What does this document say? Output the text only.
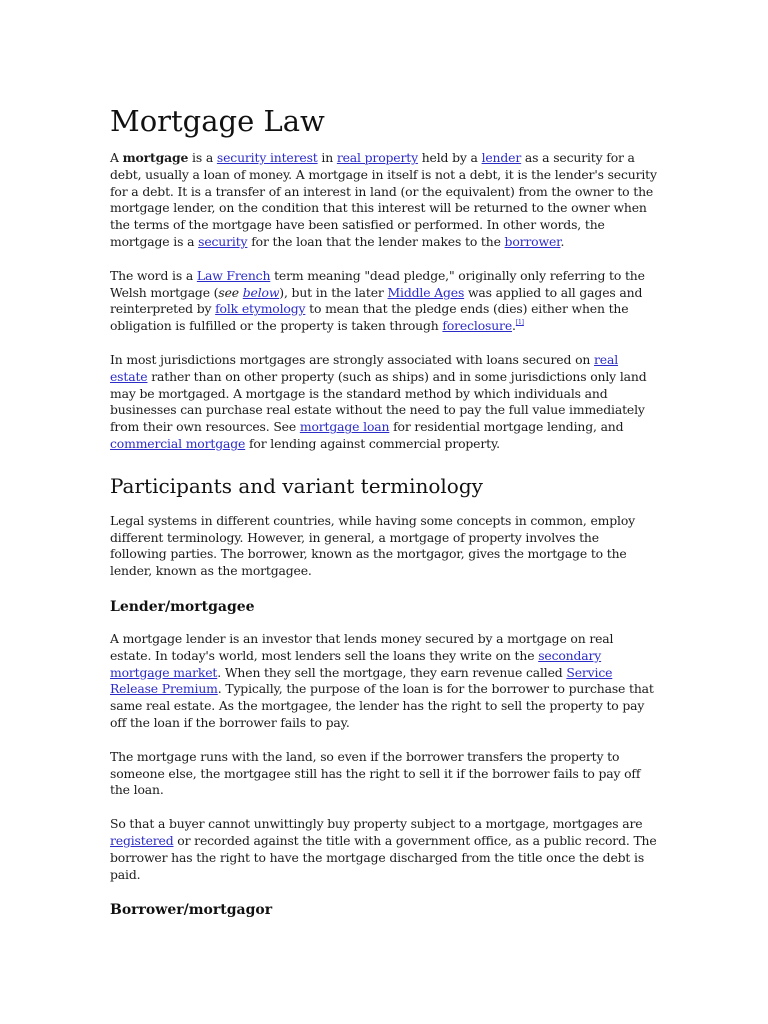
Mortgage Law

A mortgage is a security interest in real property held by a lender as a security for a debt, usually a loan of money. A mortgage in itself is not a debt, it is the lender's security for a debt. It is a transfer of an interest in land (or the equivalent) from the owner to the mortgage lender, on the condition that this interest will be returned to the owner when the terms of the mortgage have been satisfied or performed. In other words, the mortgage is a security for the loan that the lender makes to the borrower.

The word is a Law French term meaning "dead pledge," originally only referring to the Welsh mortgage (see below), but in the later Middle Ages was applied to all gages and reinterpreted by folk etymology to mean that the pledge ends (dies) either when the obligation is fulfilled or the property is taken through foreclosure.[1]

In most jurisdictions mortgages are strongly associated with loans secured on real estate rather than on other property (such as ships) and in some jurisdictions only land may be mortgaged. A mortgage is the standard method by which individuals and businesses can purchase real estate without the need to pay the full value immediately from their own resources. See mortgage loan for residential mortgage lending, and commercial mortgage for lending against commercial property.

Participants and variant terminology

Legal systems in different countries, while having some concepts in common, employ different terminology. However, in general, a mortgage of property involves the following parties. The borrower, known as the mortgagor, gives the mortgage to the lender, known as the mortgagee.

Lender/mortgagee

A mortgage lender is an investor that lends money secured by a mortgage on real estate. In today's world, most lenders sell the loans they write on the secondary mortgage market. When they sell the mortgage, they earn revenue called Service Release Premium. Typically, the purpose of the loan is for the borrower to purchase that same real estate. As the mortgagee, the lender has the right to sell the property to pay off the loan if the borrower fails to pay.

The mortgage runs with the land, so even if the borrower transfers the property to someone else, the mortgagee still has the right to sell it if the borrower fails to pay off the loan.

So that a buyer cannot unwittingly buy property subject to a mortgage, mortgages are registered or recorded against the title with a government office, as a public record. The borrower has the right to have the mortgage discharged from the title once the debt is paid.

Borrower/mortgagor
